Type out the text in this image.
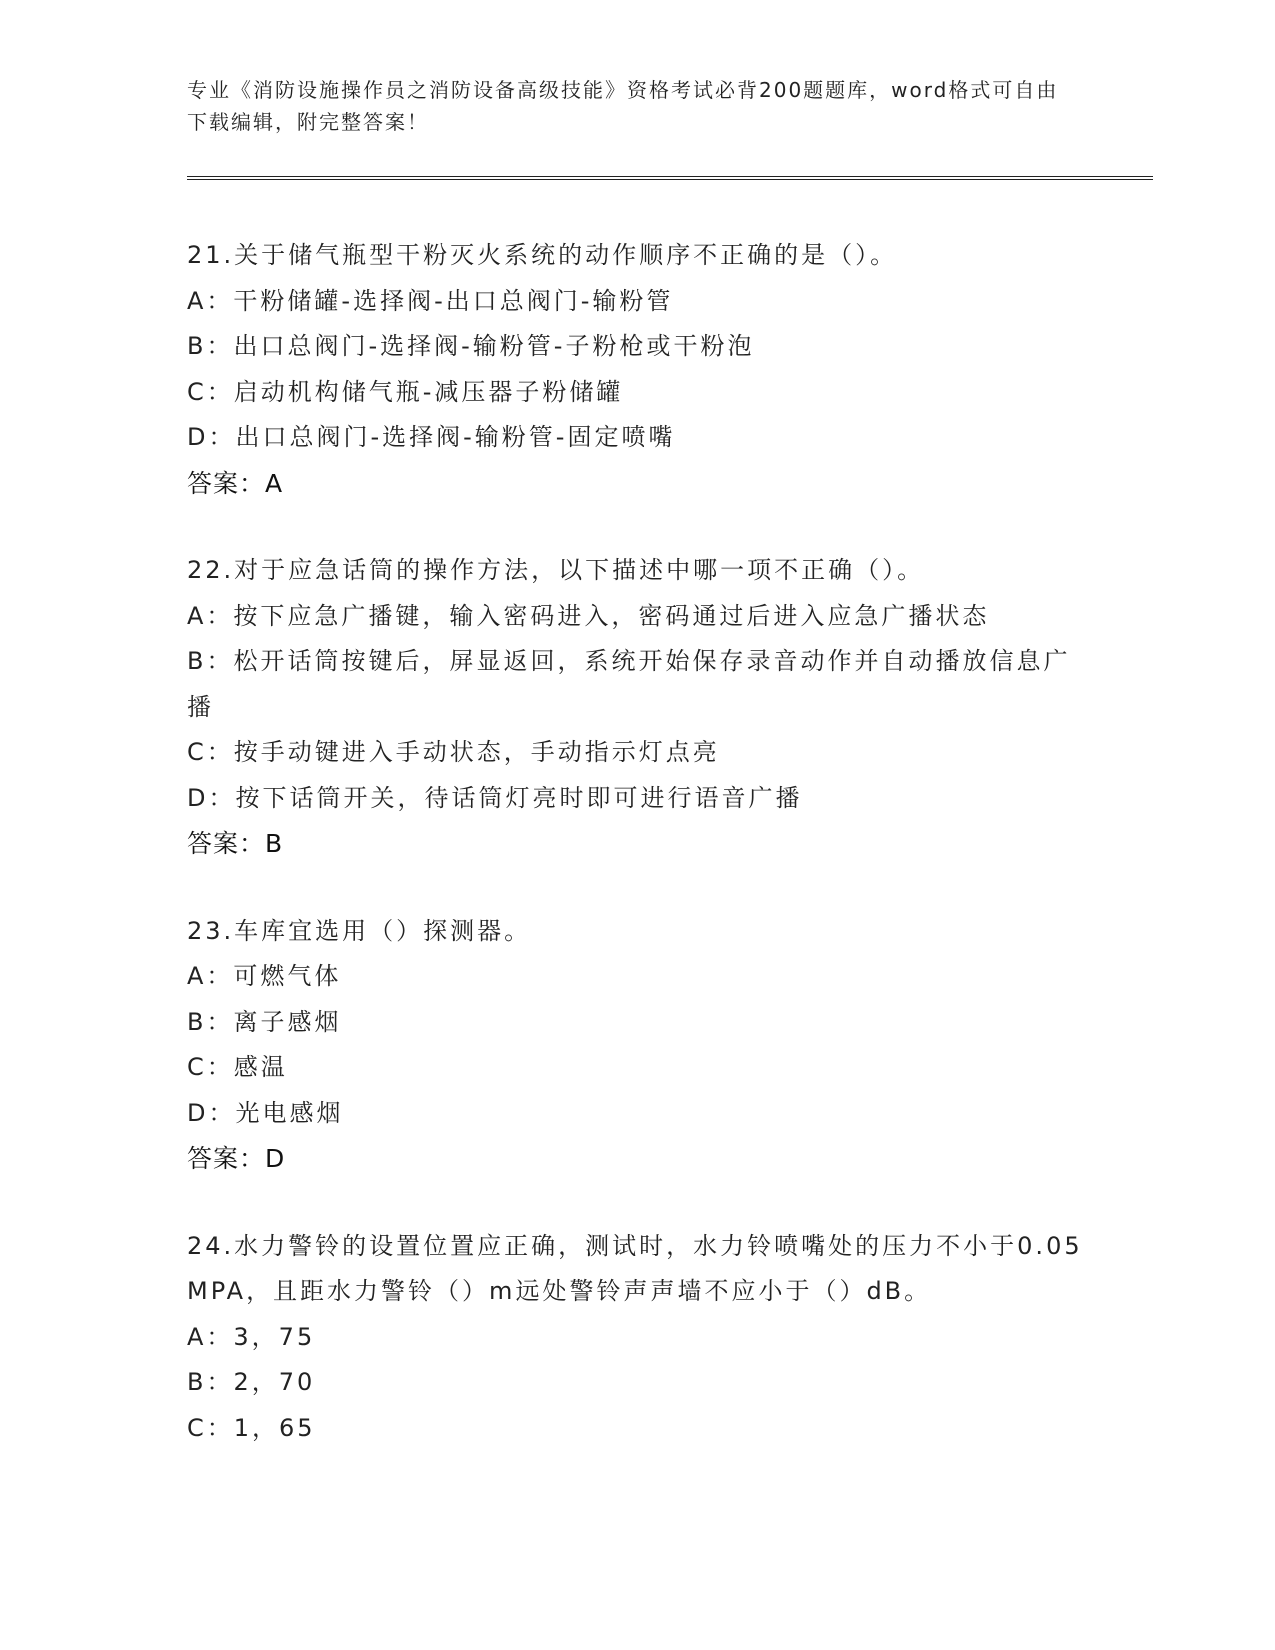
专业《消防设施操作员之消防设备高级技能》资格考试必背200题题库，word格式可自由下载编辑，附完整答案！
21.关于储气瓶型干粉灭火系统的动作顺序不正确的是（）。
A：干粉储罐-选择阀-出口总阀门-输粉管
B：出口总阀门-选择阀-输粉管-子粉枪或干粉泡
C：启动机构储气瓶-减压器子粉储罐
D：出口总阀门-选择阀-输粉管-固定喷嘴
答案：A
22.对于应急话筒的操作方法，以下描述中哪一项不正确（）。
A：按下应急广播键，输入密码进入，密码通过后进入应急广播状态
B：松开话筒按键后，屏显返回，系统开始保存录音动作并自动播放信息广播
C：按手动键进入手动状态，手动指示灯点亮
D：按下话筒开关，待话筒灯亮时即可进行语音广播
答案：B
23.车库宜选用（）探测器。
A：可燃气体
B：离子感烟
C：感温
D：光电感烟
答案：D
24.水力警铃的设置位置应正确，测试时，水力铃喷嘴处的压力不小于0.05MPA，且距水力警铃（）m远处警铃声声墙不应小于（）dB。
A：3，75
B：2，70
C：1，65
